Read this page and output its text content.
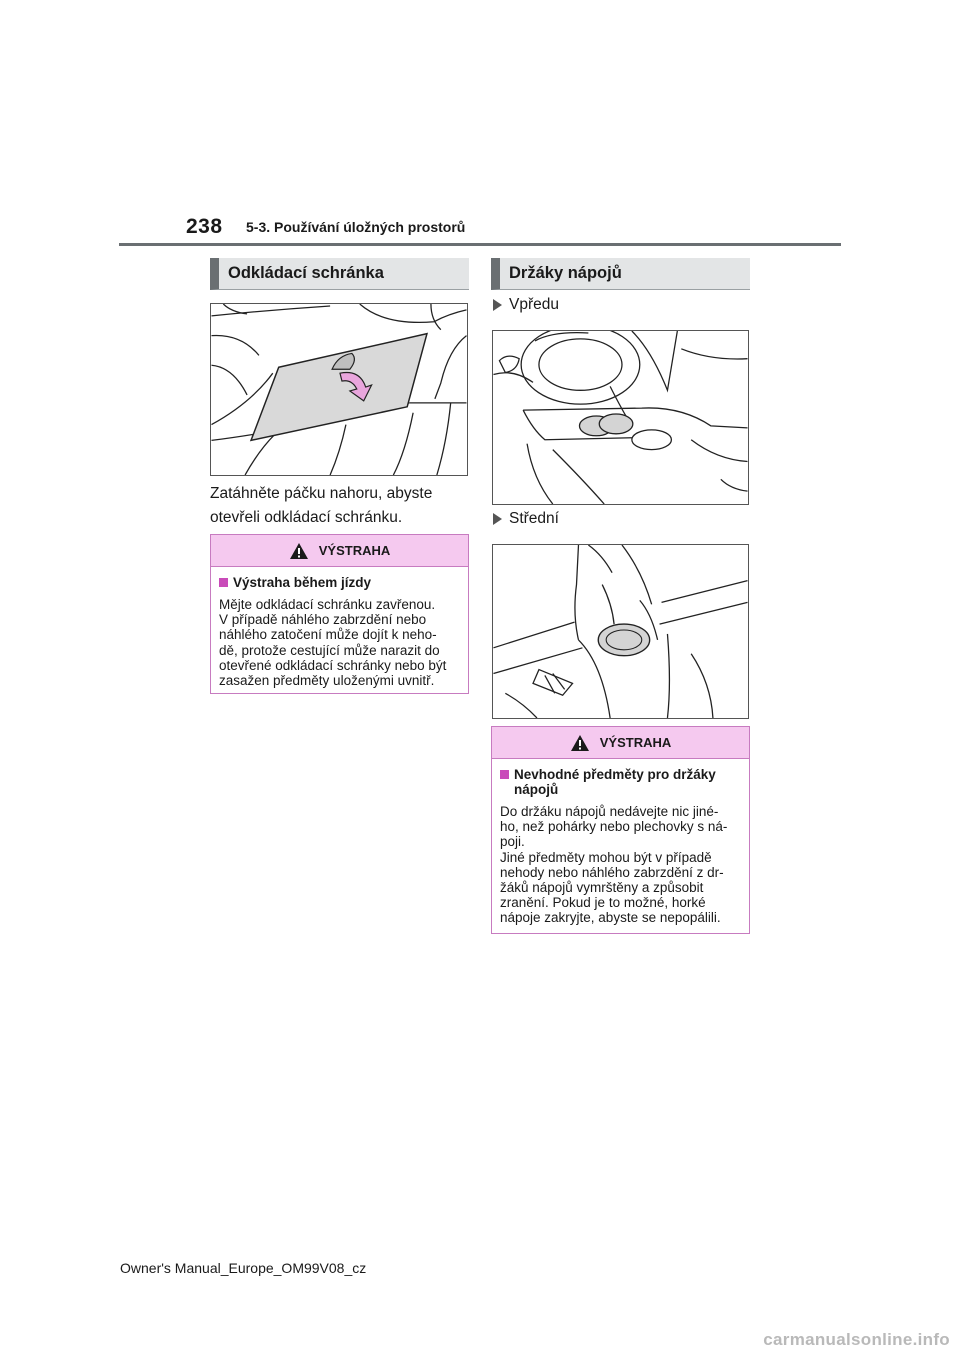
238 5-3. Používání úložných prostorů
Odkládací schránka
Zatáhněte páčku nahoru, abyste
otevřeli odkládací schránku.
VÝSTRAHA
Výstraha během jízdy
Mějte odkládací schránku zavřenou.
V případě náhlého zabrzdění nebo
náhlého zatočení může dojít k neho-
dě, protože cestující může narazit do
otevřené odkládací schránky nebo být
zasažen předměty uloženými uvnitř.
Držáky nápojů
Vpředu
Střední
VÝSTRAHA
Nevhodné předměty pro držáky nápojů
Do držáku nápojů nedávejte nic jiné-
ho, než pohárky nebo plechovky s ná-
poji.
Jiné předměty mohou být v případě
nehody nebo náhlého zabrzdění z dr-
žáků nápojů vymrštěny a způsobit
zranění. Pokud je to možné, horké
nápoje zakryjte, abyste se nepopálili.
Owner's Manual_Europe_OM99V08_cz
carmanualsonline.info
